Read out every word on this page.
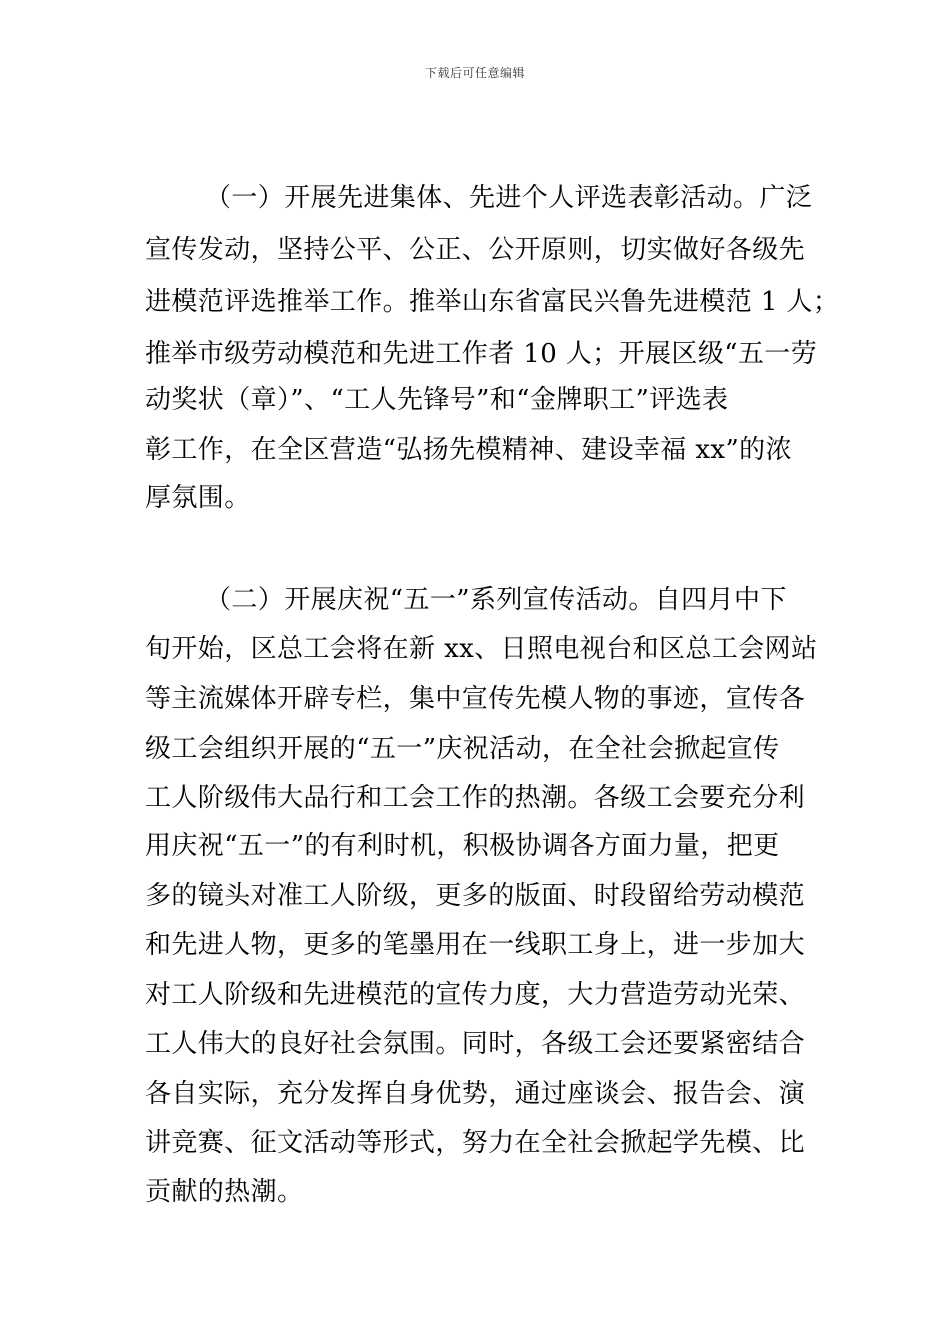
下载后可任意编辑
（一）开展先进集体、先进个人评选表彰活动。广泛
宣传发动，坚持公平、公正、公开原则，切实做好各级先
进模范评选推举工作。推举山东省富民兴鲁先进模范 1 人；
推举市级劳动模范和先进工作者 10 人；开展区级“五一劳
动奖状（章）”、“工人先锋号”和“金牌职工”评选表
彰工作，在全区营造“弘扬先模精神、建设幸福 xx”的浓
厚氛围。
（二）开展庆祝“五一”系列宣传活动。自四月中下
旬开始，区总工会将在新 xx、日照电视台和区总工会网站
等主流媒体开辟专栏，集中宣传先模人物的事迹，宣传各
级工会组织开展的“五一”庆祝活动，在全社会掀起宣传
工人阶级伟大品行和工会工作的热潮。各级工会要充分利
用庆祝“五一”的有利时机，积极协调各方面力量，把更
多的镜头对准工人阶级，更多的版面、时段留给劳动模范
和先进人物，更多的笔墨用在一线职工身上，进一步加大
对工人阶级和先进模范的宣传力度，大力营造劳动光荣、
工人伟大的良好社会氛围。同时，各级工会还要紧密结合
各自实际，充分发挥自身优势，通过座谈会、报告会、演
讲竞赛、征文活动等形式，努力在全社会掀起学先模、比
贡献的热潮。
